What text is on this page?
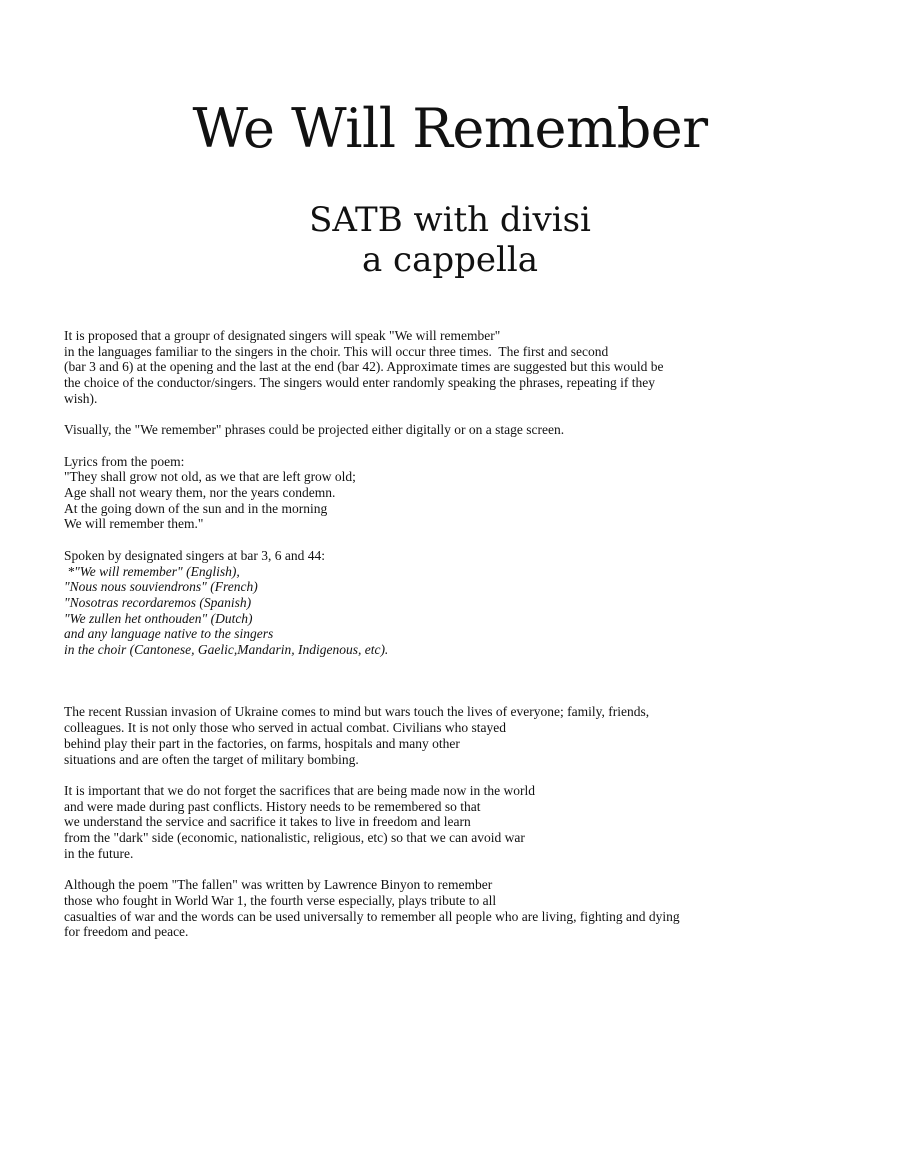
We Will Remember
SATB with divisi
a cappella
It is proposed that a groupr of designated singers will speak "We will remember"
in the languages familiar to the singers in the choir. This will occur three times.  The first and second
(bar 3 and 6) at the opening and the last at the end (bar 42). Approximate times are suggested but this would be
the choice of the conductor/singers. The singers would enter randomly speaking the phrases, repeating if they
wish).
Visually, the "We remember" phrases could be projected either digitally or on a stage screen.
Lyrics from the poem:
"They shall grow not old, as we that are left grow old;
Age shall not weary them, nor the years condemn.
At the going down of the sun and in the morning
We will remember them."
Spoken by designated singers at bar 3, 6 and 44:
*"We will remember" (English),
"Nous nous souviendrons" (French)
"Nosotras recordaremos (Spanish)
"We zullen het onthouden" (Dutch)
and any language native to the singers
in the choir (Cantonese, Gaelic,Mandarin, Indigenous, etc).
The recent Russian invasion of Ukraine comes to mind but wars touch the lives of everyone; family, friends,
colleagues. It is not only those who served in actual combat. Civilians who stayed
behind play their part in the factories, on farms, hospitals and many other
situations and are often the target of military bombing.
It is important that we do not forget the sacrifices that are being made now in the world
and were made during past conflicts. History needs to be remembered so that
we understand the service and sacrifice it takes to live in freedom and learn
from the "dark" side (economic, nationalistic, religious, etc) so that we can avoid war
in the future.
Although the poem "The fallen" was written by Lawrence Binyon to remember
those who fought in World War 1, the fourth verse especially, plays tribute to all
casualties of war and the words can be used universally to remember all people who are living, fighting and dying
for freedom and peace.
